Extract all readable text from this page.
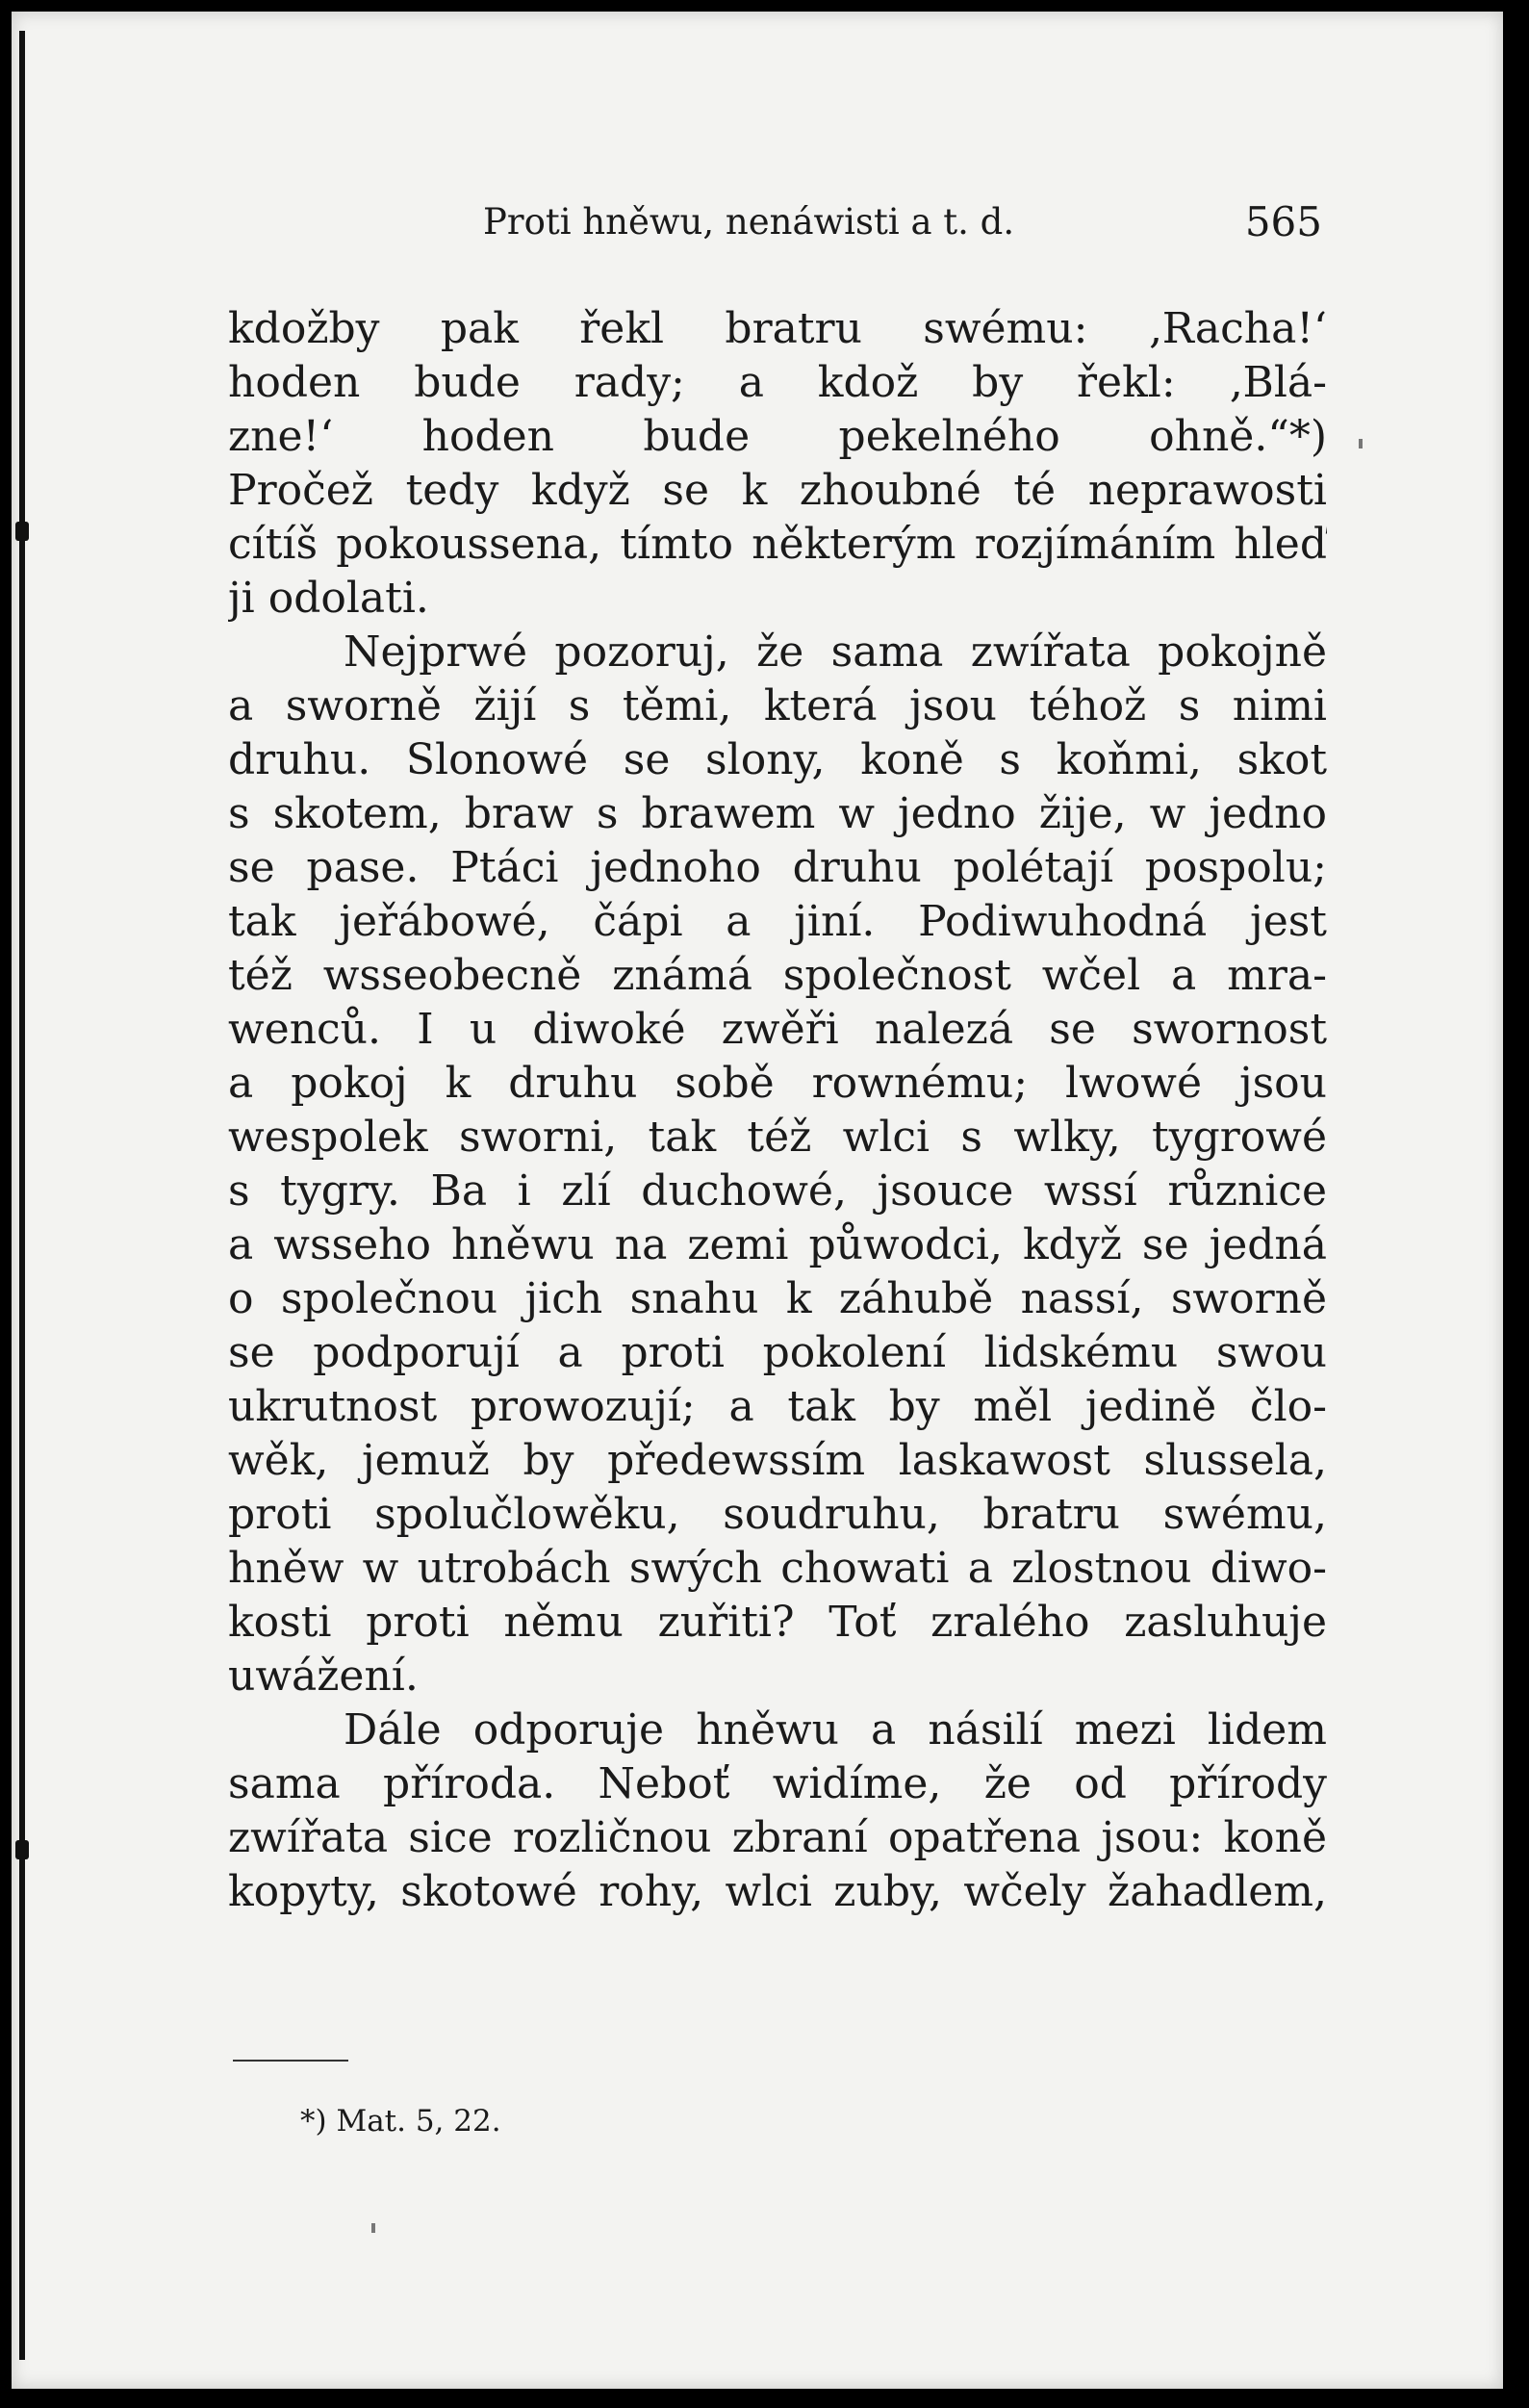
Proti hněwu, nenáwisti a t. d.	565
kdožby pak řekl bratru swému: ‚Racha!‘
hoden bude rady; a kdož by řekl: ‚Blá-
zne!‘ hoden bude pekelného ohně.“*)
Pročež tedy když se k zhoubné té neprawosti
cítíš pokoussena, tímto některým rozjímáním hleď
ji odolati.
Nejprwé pozoruj, že sama zwířata pokojně
a sworně žijí s těmi, která jsou téhož s nimi
druhu. Slonowé se slony, koně s koňmi, skot
s skotem, braw s brawem w jedno žije, w jedno
se pase. Ptáci jednoho druhu polétají pospolu;
tak jeřábowé, čápi a jiní. Podiwuhodná jest
též wsseobecně známá společnost wčel a mra-
wenců. I u diwoké zwěři nalezá se swornost
a pokoj k druhu sobě rownému; lwowé jsou
wespolek sworni, tak též wlci s wlky, tygrowé
s tygry. Ba i zlí duchowé, jsouce wssí různice
a wsseho hněwu na zemi půwodci, když se jedná
o společnou jich snahu k záhubě nassí, sworně
se podporují a proti pokolení lidskému swou
ukrutnost prowozují; a tak by měl jedině člo-
wěk, jemuž by předewssím laskawost slussela,
proti spolučlowěku, soudruhu, bratru swému,
hněw w utrobách swých chowati a zlostnou diwo-
kosti proti němu zuřiti? Toť zralého zasluhuje
uwážení.
Dále odporuje hněwu a násilí mezi lidem
sama příroda. Neboť widíme, že od přírody
zwířata sice rozličnou zbraní opatřena jsou: koně
kopyty, skotowé rohy, wlci zuby, wčely žahadlem,
*) Mat. 5, 22.
